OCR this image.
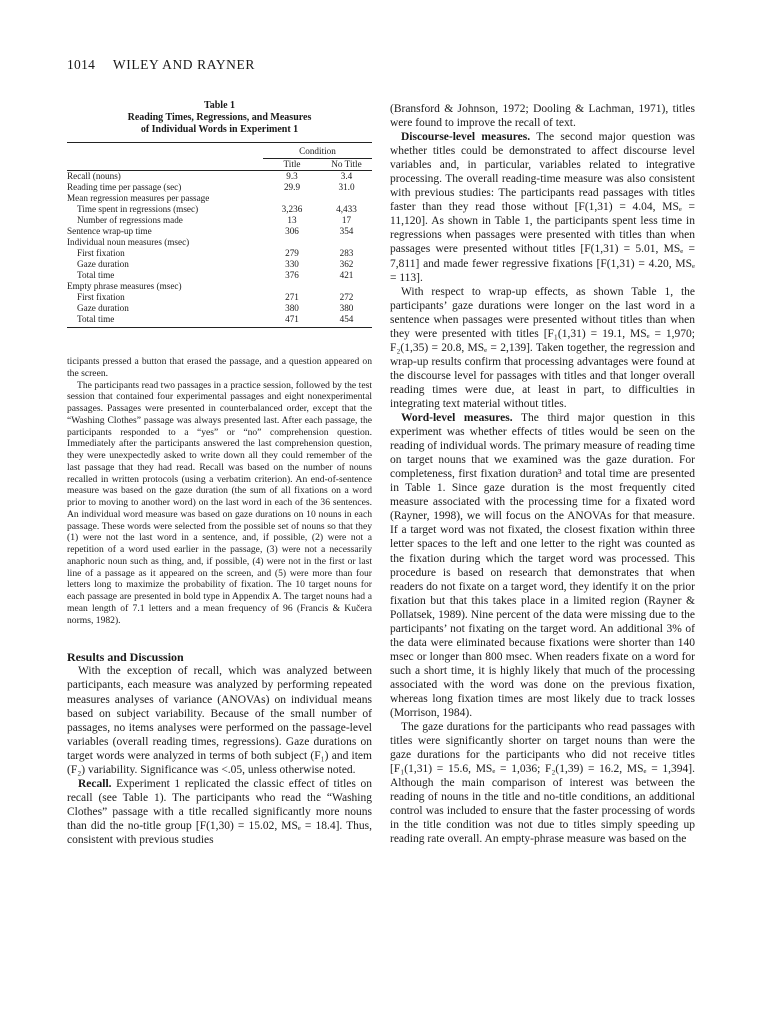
1014 WILEY AND RAYNER
Table 1
Reading Times, Regressions, and Measures
of Individual Words in Experiment 1

	Condition	
	Title	No Title
Recall (nouns)	9.3	3.4
Reading time per passage (sec)	29.9	31.0
Mean regression measures per passage		
Time spent in regressions (msec)	3,236	4,433
Number of regressions made	13	17
Sentence wrap-up time	306	354
Individual noun measures (msec)		
First fixation	279	283
Gaze duration	330	362
Total time	376	421
Empty phrase measures (msec)		
First fixation	271	272
Gaze duration	380	380
Total time	471	454

ticipants pressed a button that erased the passage, and a question appeared on the screen.

The participants read two passages in a practice session, followed by the test session that contained four experimental passages and eight nonexperimental passages. Passages were presented in counterbalanced order, except that the “Washing Clothes” passage was always presented last. After each passage, the participants responded to a “yes” or “no” comprehension question. Immediately after the participants answered the last comprehension question, they were unexpectedly asked to write down all they could remember of the last passage that they had read. Recall was based on the number of nouns recalled in written protocols (using a verbatim criterion). An end-of-sentence measure was based on the gaze duration (the sum of all fixations on a word prior to moving to another word) on the last word in each of the 36 sentences. An individual word measure was based on gaze durations on 10 nouns in each passage. These words were selected from the possible set of nouns so that they (1) were not the last word in a sentence, and, if possible, (2) were not a repetition of a word used earlier in the passage, (3) were not a necessarily anaphoric noun such as thing, and, if possible, (4) were not in the first or last line of a passage as it appeared on the screen, and (5) were more than four letters long to maximize the probability of fixation. The 10 target nouns for each passage are presented in bold type in Appendix A. The target nouns had a mean length of 7.1 letters and a mean frequency of 96 (Francis & Kučera norms, 1982).

Results and Discussion

With the exception of recall, which was analyzed between participants, each measure was analyzed by performing repeated measures analyses of variance (ANOVAs) on individual means based on subject variability. Because of the small number of passages, no items analyses were performed on the passage-level variables (overall reading times, regressions). Gaze durations on target words were analyzed in terms of both subject (F₁) and item (F₂) variability. Significance was <.05, unless otherwise noted.

Recall. Experiment 1 replicated the classic effect of titles on recall (see Table 1). The participants who read the “Washing Clothes” passage with a title recalled significantly more nouns than did the no-title group [F(1,30) = 15.02, MSₑ = 18.4]. Thus, consistent with previous studies

(Bransford & Johnson, 1972; Dooling & Lachman, 1971), titles were found to improve the recall of text.

Discourse-level measures. The second major question was whether titles could be demonstrated to affect discourse level variables and, in particular, variables related to integrative processing. The overall reading-time measure was also consistent with previous studies: The participants read passages with titles faster than they read those without [F(1,31) = 4.04, MSₑ = 11,120]. As shown in Table 1, the participants spent less time in regressions when passages were presented with titles than when passages were presented without titles [F(1,31) = 5.01, MSₑ = 7,811] and made fewer regressive fixations [F(1,31) = 4.20, MSₑ = 113].

With respect to wrap-up effects, as shown Table 1, the participants’ gaze durations were longer on the last word in a sentence when passages were presented without titles than when they were presented with titles [F₁(1,31) = 19.1, MSₑ = 1,970; F₂(1,35) = 20.8, MSₑ = 2,139]. Taken together, the regression and wrap-up results confirm that processing advantages were found at the discourse level for passages with titles and that longer overall reading times were due, at least in part, to difficulties in integrating text material without titles.

Word-level measures. The third major question in this experiment was whether effects of titles would be seen on the reading of individual words. The primary measure of reading time on target nouns that we examined was the gaze duration. For completeness, first fixation duration³ and total time are presented in Table 1. Since gaze duration is the most frequently cited measure associated with the processing time for a fixated word (Rayner, 1998), we will focus on the ANOVAs for that measure. If a target word was not fixated, the closest fixation within three letter spaces to the left and one letter to the right was counted as the fixation during which the target word was processed. This procedure is based on research that demonstrates that when readers do not fixate on a target word, they identify it on the prior fixation but that this takes place in a limited region (Rayner & Pollatsek, 1989). Nine percent of the data were missing due to the participants’ not fixating on the target word. An additional 3% of the data were eliminated because fixations were shorter than 140 msec or longer than 800 msec. When readers fixate on a word for such a short time, it is highly likely that much of the processing associated with the word was done on the previous fixation, whereas long fixation times are most likely due to track losses (Morrison, 1984).

The gaze durations for the participants who read passages with titles were significantly shorter on target nouns than were the gaze durations for the participants who did not receive titles [F₁(1,31) = 15.6, MSₑ = 1,036; F₂(1,39) = 16.2, MSₑ = 1,394]. Although the main comparison of interest was between the reading of nouns in the title and no-title conditions, an additional control was included to ensure that the faster processing of words in the title condition was not due to titles simply speeding up reading rate overall. An empty-phrase measure was based on the
